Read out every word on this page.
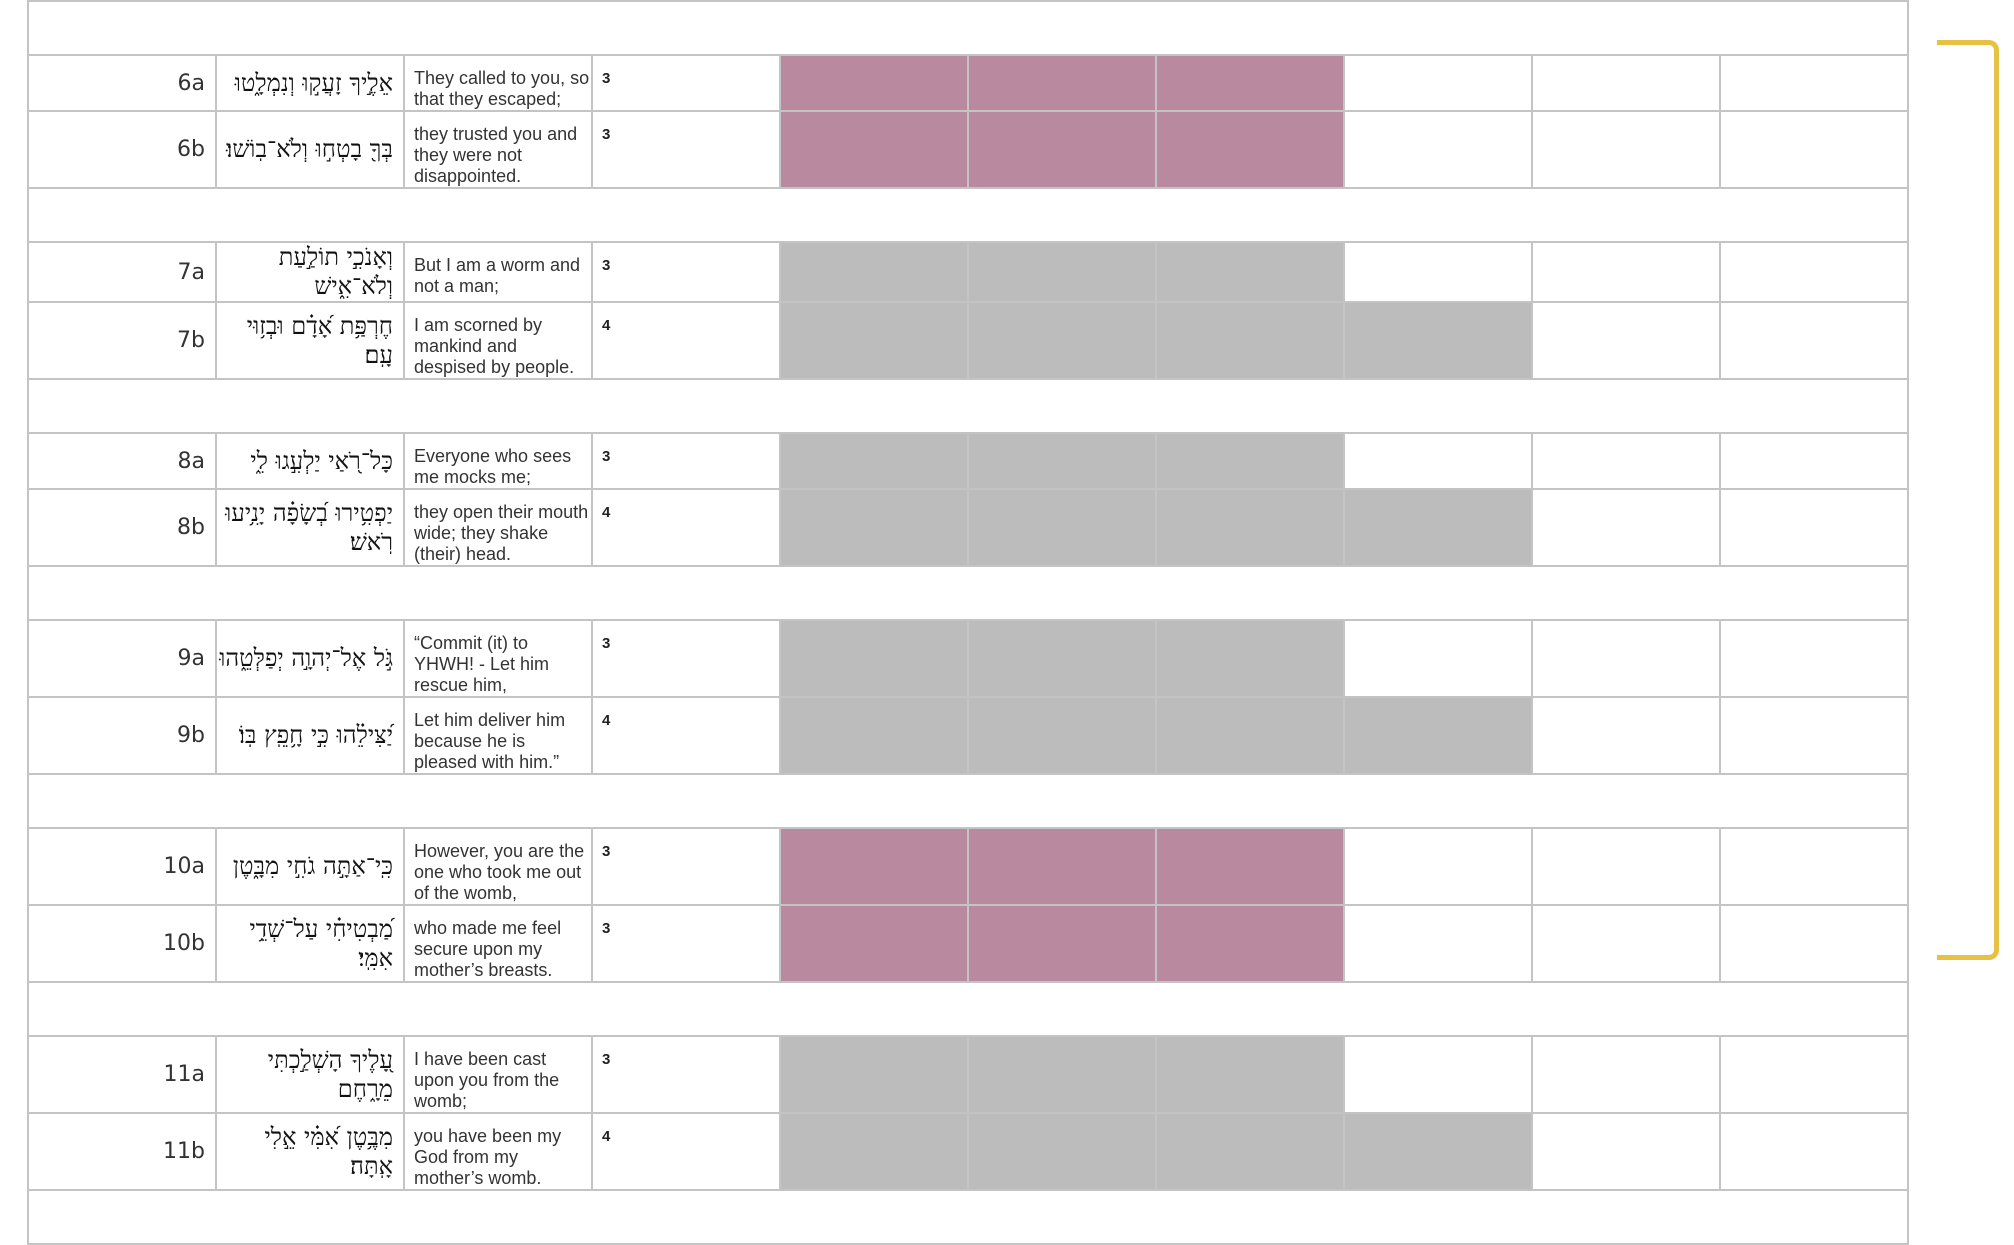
6a	אֵלֶ֣יךָ זָעֲק֣וּ וְנִמְלָ֑טוּ	They called to you, so that they escaped;	3						
6b	בְּךָ֖ בָטְח֣וּ וְלֹא־בֽוֹשׁוּ׃	they trusted you and they were not disappointed.	3						

7a	וְאָנֹכִ֣י תוֹלַ֣עַת וְלֹא־אִ֑ישׁ	But I am a worm and not a man;	3						
7b	חֶרְפַּ֥ת אָ֝דָ֗ם וּבְז֥וּי עָֽם׃	I am scorned by mankind and despised by people.	4						

8a	כָּל־רֹ֭אַי יַלְעִ֣גוּ לִ֑י	Everyone who sees me mocks me;	3						
8b	יַפְטִ֥ירוּ בְ֝שָׂפָ֗ה יָנִ֥יעוּ רֹֽאשׁ׃	they open their mouth wide; they shake (their) head.	4						

9a	גֹּ֣ל אֶל־יְהוָ֣ה יְפַלְּטֵ֑הוּ	“Commit (it) to YHWH! - Let him rescue him,	3						
9b	יַ֝צִּילֵ֗הוּ כִּ֣י חָ֥פֵֽץ בּֽוֹ׃	Let him deliver him because he is pleased with him.”	4						

10a	כִּֽי־אַתָּ֣ה גֹחִ֣י מִבָּ֑טֶן	However, you are the one who took me out of the womb,	3						
10b	מַ֝בְטִיחִ֗י עַל־שְׁדֵ֥י אִמִּֽי׃	who made me feel secure upon my mother’s breasts.	3						

11a	עָ֭לֶיךָ הָשְׁלַ֣כְתִּי מֵרָ֑חֶם	I have been cast upon you from the womb;	3						
11b	מִבֶּ֥טֶן אִ֝מִּ֗י אֵ֣לִי אָֽתָּה׃	you have been my God from my mother’s womb.	4						
